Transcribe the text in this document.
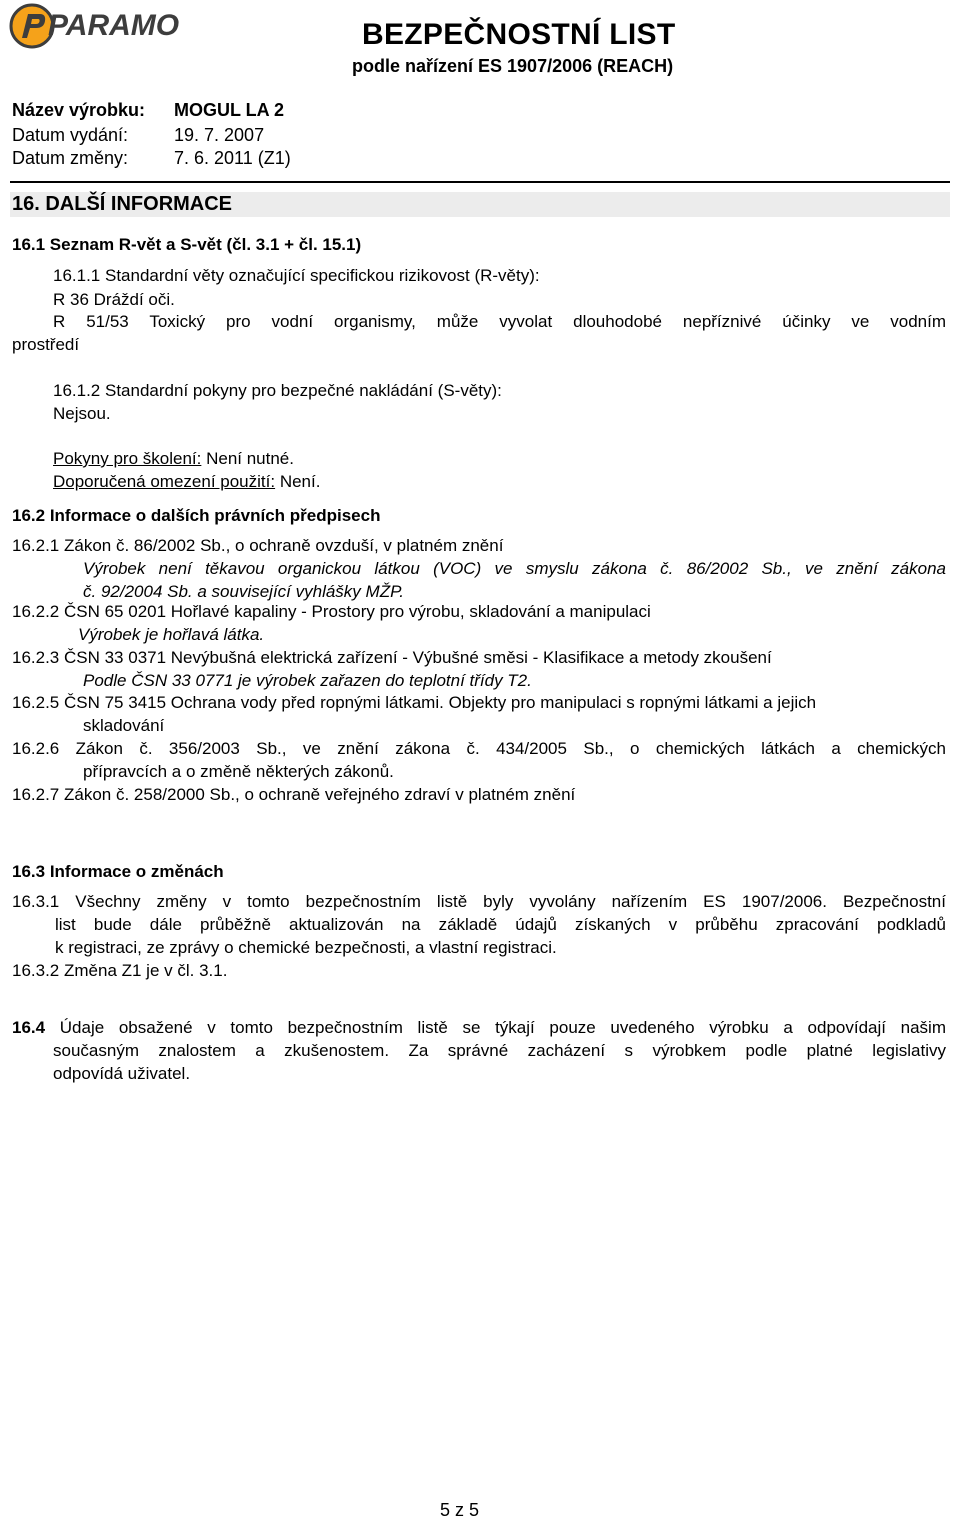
PARAMO	BEZPEČNOSTNÍ LIST
podle nařízení ES 1907/2006 (REACH)
Název výrobku: MOGUL LA 2
Datum vydání:	19. 7. 2007
Datum změny:	7. 6. 2011 (Z1)
16. DALŠÍ INFORMACE
16.1 Seznam R-vět a S-vět (čl. 3.1 + čl. 15.1)
16.1.1 Standardní věty označující specifickou rizikovost (R-věty):
R 36 Dráždí oči.
R 51/53 Toxický pro vodní organismy, může vyvolat dlouhodobé nepříznivé účinky ve vodním
prostředí
16.1.2 Standardní pokyny pro bezpečné nakládání (S-věty):
Nejsou.
Pokyny pro školení: Není nutné.
Doporučená omezení použití: Není.
16.2 Informace o dalších právních předpisech
16.2.1 Zákon č. 86/2002 Sb., o ochraně ovzduší, v platném znění
Výrobek není těkavou organickou látkou (VOC) ve smyslu zákona č. 86/2002 Sb., ve znění zákona
č. 92/2004 Sb. a související vyhlášky MŽP.
16.2.2 ČSN 65 0201 Hořlavé kapaliny - Prostory pro výrobu, skladování a manipulaci
Výrobek je hořlavá látka.
16.2.3 ČSN 33 0371 Nevýbušná elektrická zařízení - Výbušné směsi - Klasifikace a metody zkoušení
Podle ČSN 33 0771 je výrobek zařazen do teplotní třídy T2.
16.2.5 ČSN 75 3415 Ochrana vody před ropnými látkami. Objekty pro manipulaci s ropnými látkami a jejich
skladování
16.2.6 Zákon č. 356/2003 Sb., ve znění zákona č. 434/2005 Sb., o chemických látkách a chemických
přípravcích a o změně některých zákonů.
16.2.7 Zákon č. 258/2000 Sb., o ochraně veřejného zdraví v platném znění
16.3 Informace o změnách
16.3.1 Všechny změny v tomto bezpečnostním listě byly vyvolány nařízením ES 1907/2006. Bezpečnostní
list bude dále průběžně aktualizován na základě údajů získaných v průběhu zpracování podkladů
k registraci, ze zprávy o chemické bezpečnosti, a vlastní registraci.
16.3.2 Změna Z1 je v čl. 3.1.
16.4 Údaje obsažené v tomto bezpečnostním listě se týkají pouze uvedeného výrobku a odpovídají našim
současným znalostem a zkušenostem. Za správné zacházení s výrobkem podle platné legislativy
odpovídá uživatel.
5 z 5
